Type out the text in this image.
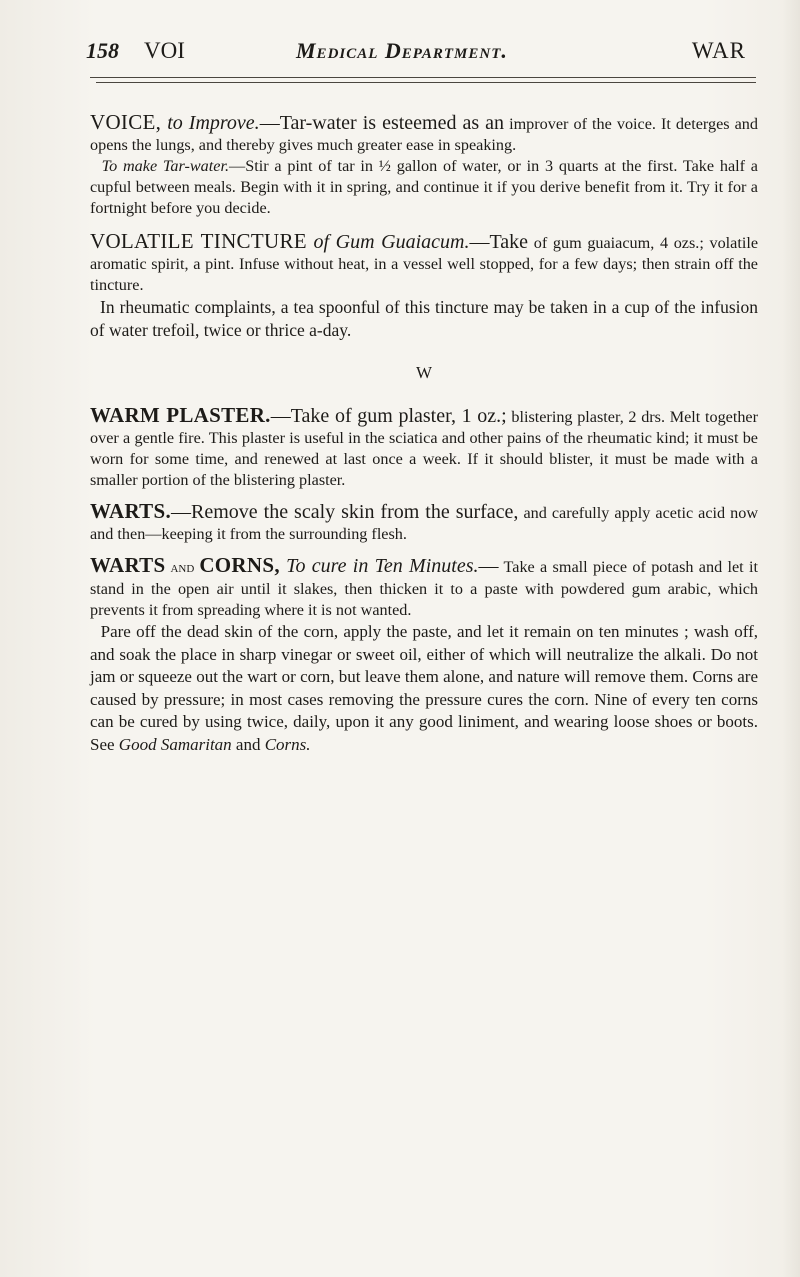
158 VOI	Medical Department.	WAR

VOICE, to Improve.—Tar-water is esteemed as an improver of the voice. It deterges and opens the lungs, and thereby gives much greater ease in speaking.

To make Tar-water.—Stir a pint of tar in ½ gallon of water, or in 3 quarts at the first. Take half a cupful between meals. Begin with it in spring, and continue it if you derive benefit from it. Try it for a fortnight before you decide.

VOLATILE TINCTURE of Gum Guaiacum.—Take of gum guaiacum, 4 ozs.; volatile aromatic spirit, a pint. Infuse without heat, in a vessel well stopped, for a few days; then strain off the tincture.

In rheumatic complaints, a tea spoonful of this tincture may be taken in a cup of the infusion of water trefoil, twice or thrice a-day.

W

WARM PLASTER.—Take of gum plaster, 1 oz.; blistering plaster, 2 drs. Melt together over a gentle fire. This plaster is useful in the sciatica and other pains of the rheumatic kind; it must be worn for some time, and renewed at last once a week. If it should blister, it must be made with a smaller portion of the blistering plaster.

WARTS.—Remove the scaly skin from the surface, and carefully apply acetic acid now and then—keeping it from the surrounding flesh.

WARTS and CORNS, To cure in Ten Minutes.— Take a small piece of potash and let it stand in the open air until it slakes, then thicken it to a paste with powdered gum arabic, which prevents it from spreading where it is not wanted.

Pare off the dead skin of the corn, apply the paste, and let it remain on ten minutes ; wash off, and soak the place in sharp vinegar or sweet oil, either of which will neutralize the alkali. Do not jam or squeeze out the wart or corn, but leave them alone, and nature will remove them. Corns are caused by pressure; in most cases removing the pressure cures the corn. Nine of every ten corns can be cured by using twice, daily, upon it any good liniment, and wearing loose shoes or boots. See Good Samaritan and Corns.
